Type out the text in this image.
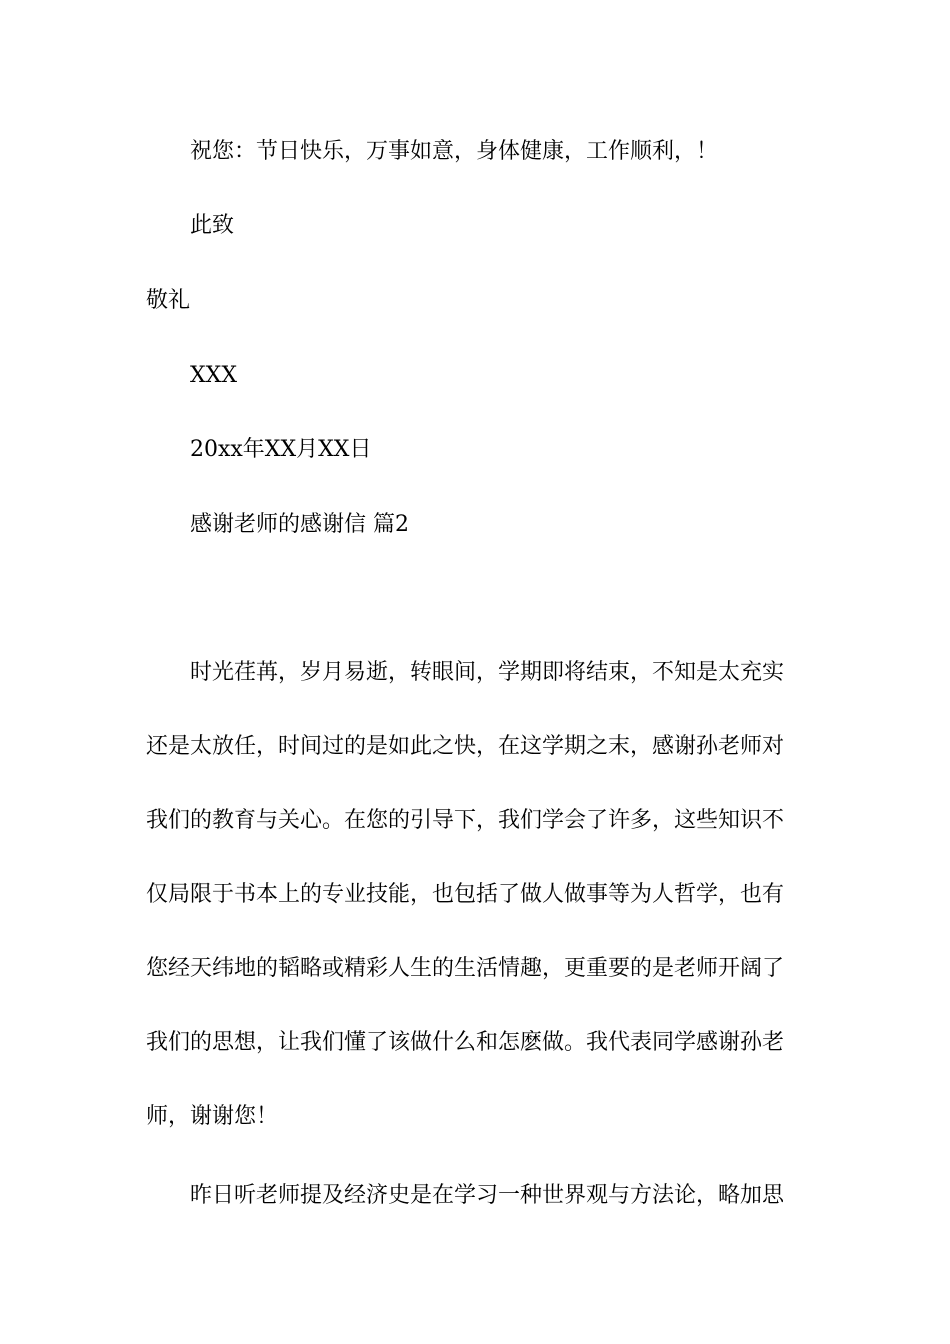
祝您：节日快乐，万事如意，身体健康，工作顺利，！

此致

敬礼

XXX

20xx年XX月XX日

感谢老师的感谢信 篇2

时光荏苒，岁月易逝，转眼间，学期即将结束，不知是太充实
还是太放任，时间过的是如此之快，在这学期之末，感谢孙老师对
我们的教育与关心。在您的引导下，我们学会了许多，这些知识不
仅局限于书本上的专业技能，也包括了做人做事等为人哲学，也有
您经天纬地的韬略或精彩人生的生活情趣，更重要的是老师开阔了
我们的思想，让我们懂了该做什么和怎麽做。我代表同学感谢孙老
师，谢谢您！
昨日听老师提及经济史是在学习一种世界观与方法论，略加思
